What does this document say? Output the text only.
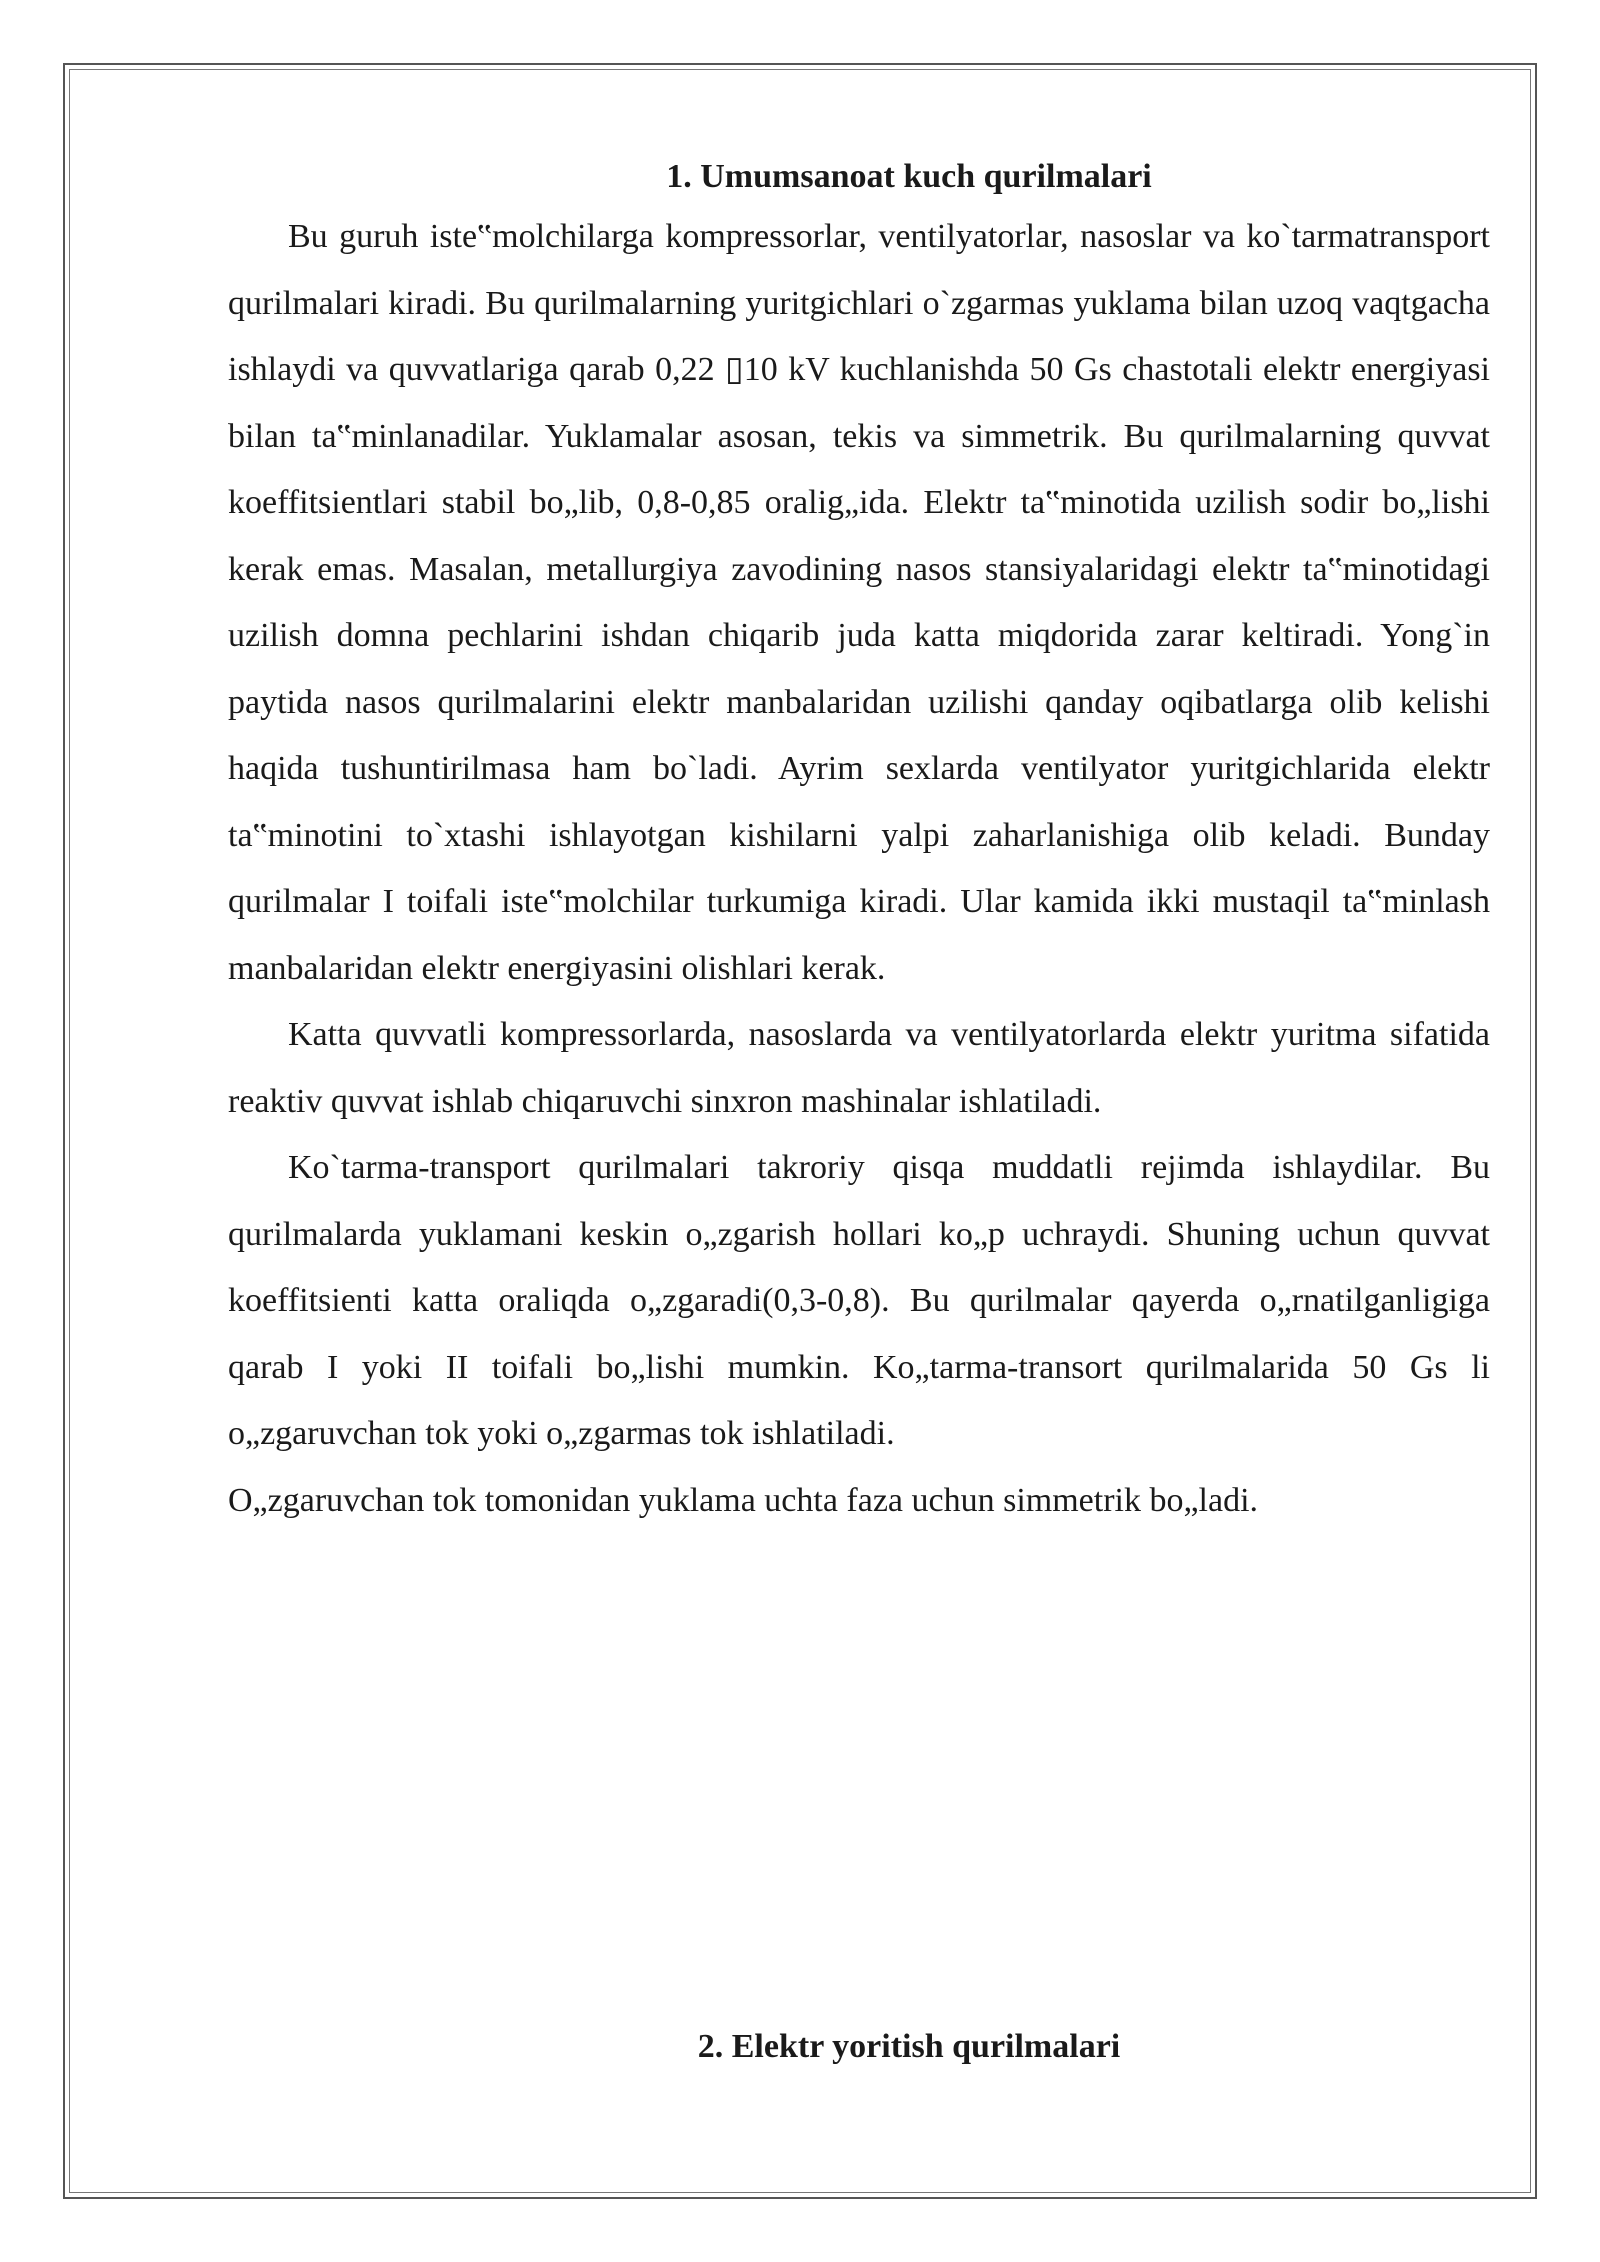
1. Umumsanoat kuch qurilmalari

Bu guruh iste‟molchilarga kompressorlar, ventilyatorlar, nasoslar va ko`tarmatransport qurilmalari kiradi. Bu qurilmalarning yuritgichlari o`zgarmas yuklama bilan uzoq vaqtgacha ishlaydi va quvvatlariga qarab 0,22 ▯10 kV kuchlanishda 50 Gs chastotali elektr energiyasi bilan ta‟minlanadilar. Yuklamalar asosan, tekis va simmetrik. Bu qurilmalarning quvvat koeffitsientlari stabil bo„lib, 0,8-0,85 oralig„ida. Elektr ta‟minotida uzilish sodir bo„lishi kerak emas. Masalan, metallurgiya zavodining nasos stansiyalaridagi elektr ta‟minotidagi uzilish domna pechlarini ishdan chiqarib juda katta miqdorida zarar keltiradi. Yong`in paytida nasos qurilmalarini elektr manbalaridan uzilishi qanday oqibatlarga olib kelishi haqida tushuntirilmasa ham bo`ladi. Ayrim sexlarda ventilyator yuritgichlarida elektr ta‟minotini to`xtashi ishlayotgan kishilarni yalpi zaharlanishiga olib keladi. Bunday qurilmalar I toifali iste‟molchilar turkumiga kiradi. Ular kamida ikki mustaqil ta‟minlash manbalaridan elektr energiyasini olishlari kerak.

Katta quvvatli kompressorlarda, nasoslarda va ventilyatorlarda elektr yuritma sifatida reaktiv quvvat ishlab chiqaruvchi sinxron mashinalar ishlatiladi.

Ko`tarma-transport qurilmalari takroriy qisqa muddatli rejimda ishlaydilar. Bu qurilmalarda yuklamani keskin o„zgarish hollari ko„p uchraydi. Shuning uchun quvvat koeffitsienti katta oraliqda o„zgaradi(0,3-0,8). Bu qurilmalar qayerda o„rnatilganligiga qarab I yoki II toifali bo„lishi mumkin. Ko„tarma-transort qurilmalarida 50 Gs li o„zgaruvchan tok yoki o„zgarmas tok ishlatiladi.

O„zgaruvchan tok tomonidan yuklama uchta faza uchun simmetrik bo„ladi.

2. Elektr yoritish qurilmalari
